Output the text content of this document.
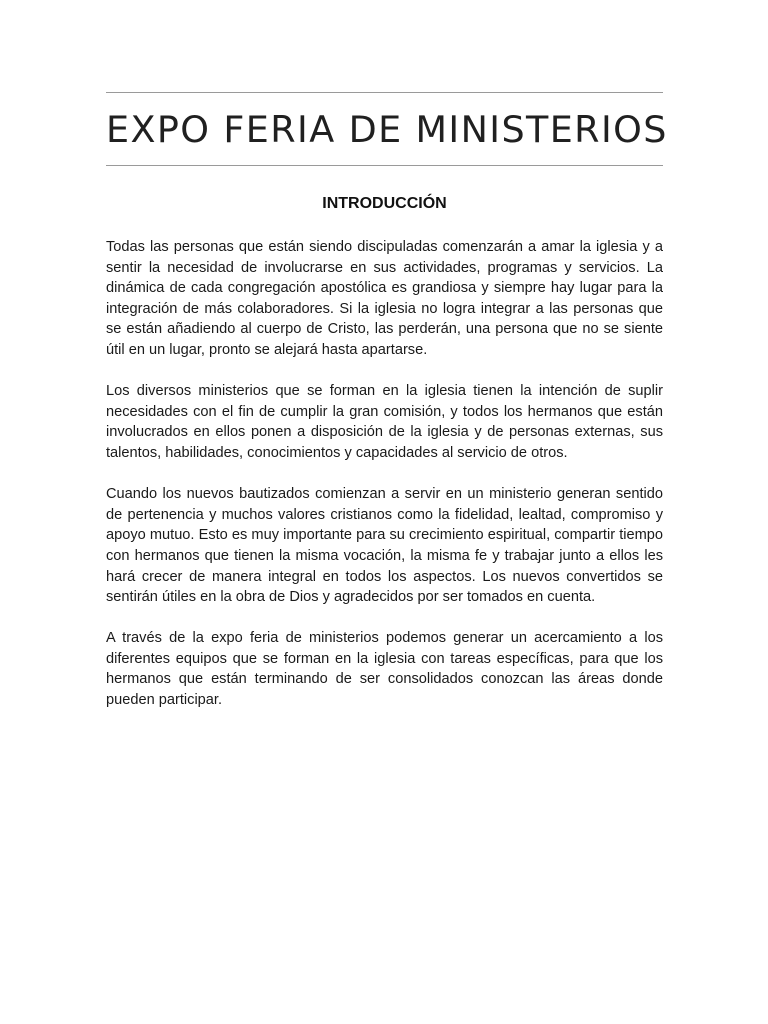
EXPO FERIA DE MINISTERIOS
INTRODUCCIÓN

Todas las personas que están siendo discipuladas comenzarán a amar la iglesia y a sentir la necesidad de involucrarse en sus actividades, programas y servicios. La dinámica de cada congregación apostólica es grandiosa y siempre hay lugar para la integración de más colaboradores. Si la iglesia no logra integrar a las personas que se están añadiendo al cuerpo de Cristo, las perderán, una persona que no se siente útil en un lugar, pronto se alejará hasta apartarse.

Los diversos ministerios que se forman en la iglesia tienen la intención de suplir necesidades con el fin de cumplir la gran comisión, y todos los hermanos que están involucrados en ellos ponen a disposición de la iglesia y de personas externas, sus talentos, habilidades, conocimientos y capacidades al servicio de otros.

Cuando los nuevos bautizados comienzan a servir en un ministerio generan sentido de pertenencia y muchos valores cristianos como la fidelidad, lealtad, compromiso y apoyo mutuo. Esto es muy importante para su crecimiento espiritual, compartir tiempo con hermanos que tienen la misma vocación, la misma fe y trabajar junto a ellos les hará crecer de manera integral en todos los aspectos. Los nuevos convertidos se sentirán útiles en la obra de Dios y agradecidos por ser tomados en cuenta.

A través de la expo feria de ministerios podemos generar un acercamiento a los diferentes equipos que se forman en la iglesia con tareas específicas, para que los hermanos que están terminando de ser consolidados conozcan las áreas donde pueden participar.
